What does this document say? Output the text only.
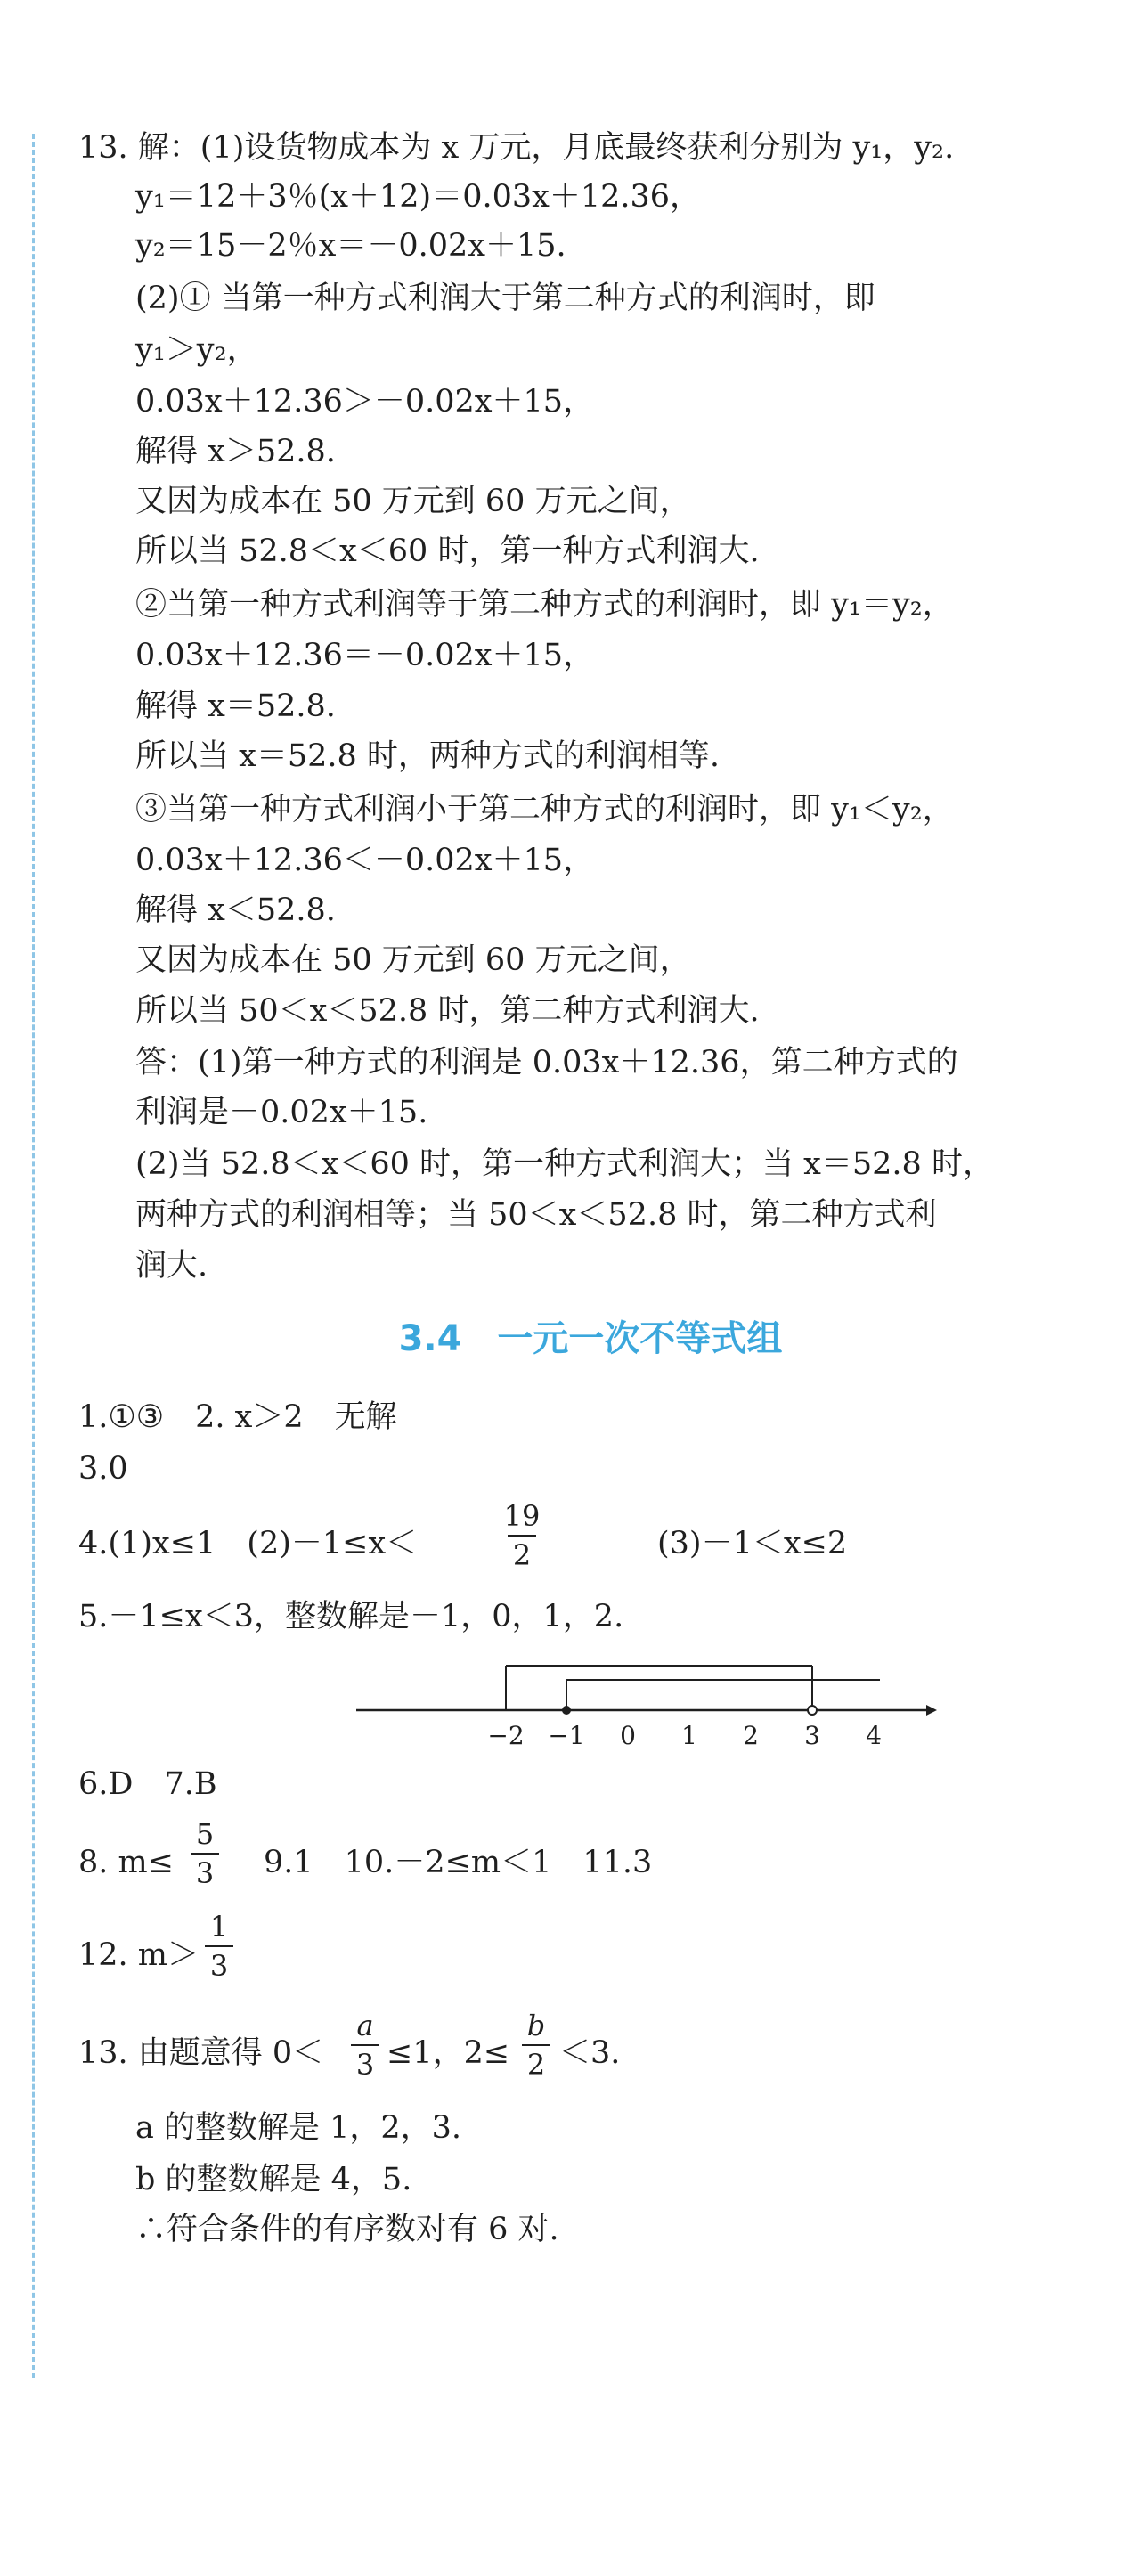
13. 解：(1)设货物成本为 x 万元，月底最终获利分别为 y₁，y₂.
y₁＝12＋3％(x＋12)＝0.03x＋12.36，
y₂＝15－2％x＝－0.02x＋15.
(2)① 当第一种方式利润大于第二种方式的利润时，即
y₁＞y₂，
0.03x＋12.36＞－0.02x＋15，
解得 x＞52.8.
又因为成本在 50 万元到 60 万元之间，
所以当 52.8＜x＜60 时，第一种方式利润大.
②当第一种方式利润等于第二种方式的利润时，即 y₁＝y₂，
0.03x＋12.36＝－0.02x＋15，
解得 x＝52.8.
所以当 x＝52.8 时，两种方式的利润相等.
③当第一种方式利润小于第二种方式的利润时，即 y₁＜y₂，
0.03x＋12.36＜－0.02x＋15，
解得 x＜52.8.
又因为成本在 50 万元到 60 万元之间，
所以当 50＜x＜52.8 时，第二种方式利润大.
答：(1)第一种方式的利润是 0.03x＋12.36，第二种方式的
利润是－0.02x＋15.
(2)当 52.8＜x＜60 时，第一种方式利润大；当 x＝52.8 时，
两种方式的利润相等；当 50＜x＜52.8 时，第二种方式利
润大.
3.4　一元一次不等式组
1.①③　2. x＞2　无解
3.0
4.(1)x≤1　(2)－1≤x＜
19
2	(3)－1＜x≤2
5.－1≤x＜3，整数解是－1，0，1，2.
−2 −1 0 1 2 3 4
6.D　7.B
8. m≤
5
3	9.1　10.－2≤m＜1　11.3
12. m＞
1
3
13. 由题意得 0＜
a
3 ≤1，2≤
b
2 ＜3.
a 的整数解是 1，2，3.
b 的整数解是 4，5.
∴符合条件的有序数对有 6 对.
